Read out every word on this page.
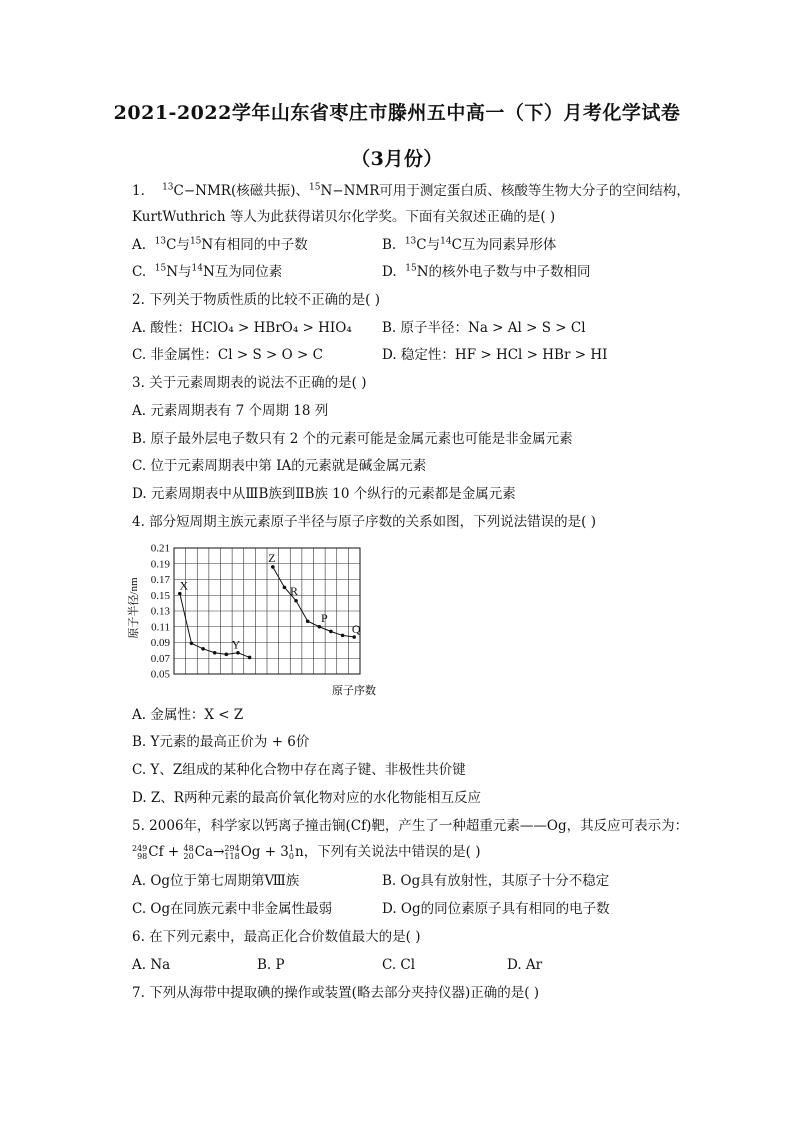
2021-2022学年山东省枣庄市滕州五中高一（下）月考化学试卷
（3月份）
1. $^{13}$C−NMR(核磁共振)、$^{15}$N−NMR可用于测定蛋白质、核酸等生物大分子的空间结构，
KurtWuthrich 等人为此获得诺贝尔化学奖。下面有关叙述正确的是( )
A. $^{13}$C与$^{15}$N有相同的中子数	B. $^{13}$C与$^{14}$C互为同素异形体
C. $^{15}$N与$^{14}$N互为同位素	D. $^{15}$N的核外电子数与中子数相同
2. 下列关于物质性质的比较不正确的是( )
A. 酸性：HClO₄ > HBrO₄ > HIO₄ B. 原子半径：Na > Al > S > Cl
C. 非金属性：Cl > S > O > C	D. 稳定性：HF > HCl > HBr > HI
3. 关于元素周期表的说法不正确的是( )
A. 元素周期表有 7 个周期 18 列
B. 原子最外层电子数只有 2 个的元素可能是金属元素也可能是非金属元素
C. 位于元素周期表中第 ⅠA的元素就是碱金属元素
D. 元素周期表中从ⅢB族到ⅡB族 10 个纵行的元素都是金属元素
4. 部分短周期主族元素原子半径与原子序数的关系如图，下列说法错误的是( )
0.21
0.19
0.17
0.15
0.13
0.11
0.09
0.07
0.05
X
Y
Z
R
P
Q
原子半径/nm
原子序数
A. 金属性：X < Z
B. Y元素的最高正价为 + 6价
C. Y、Z组成的某种化合物中存在离子键、非极性共价键
D. Z、R两种元素的最高价氧化物对应的水化物能相互反应
5. 2006年，科学家以钙离子撞击锎(Cf)靶，产生了一种超重元素——Og，其反应可表示为：
249
98 Cf + 48
20 Ca→ 294
118 Og + 3 1
0 n，下列有关说法中错误的是( )
A. Og位于第七周期第Ⅷ族	B. Og具有放射性，其原子十分不稳定
C. Og在同族元素中非金属性最弱	D. Og的同位素原子具有相同的电子数
6. 在下列元素中，最高正化合价数值最大的是( )
A. Na	B. P	C. Cl	D. Ar
7. 下列从海带中提取碘的操作或装置(略去部分夹持仪器)正确的是( )
